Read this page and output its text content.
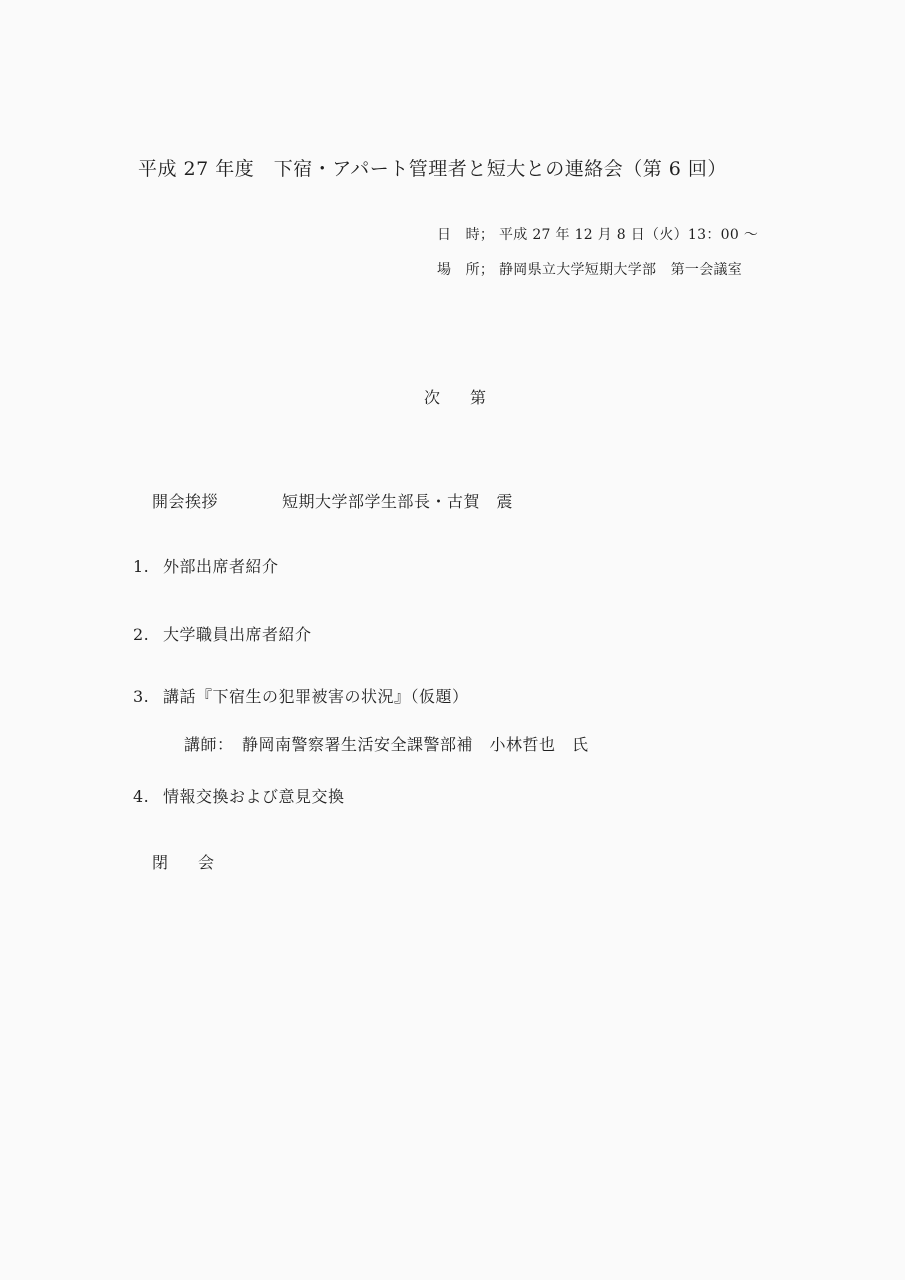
平成 27 年度　下宿・アパート管理者と短大との連絡会（第 6 回）
日　時； 平成 27 年 12 月 8 日（火）13：00 ～
場　所； 静岡県立大学短期大学部　第一会議室
次第
開会挨拶	短期大学部学生部長・古賀　震
1. 外部出席者紹介
2. 大学職員出席者紹介
3. 講話『下宿生の犯罪被害の状況』（仮題）
講師：　静岡南警察署生活安全課警部補　小林哲也　氏
4. 情報交換および意見交換
閉会
